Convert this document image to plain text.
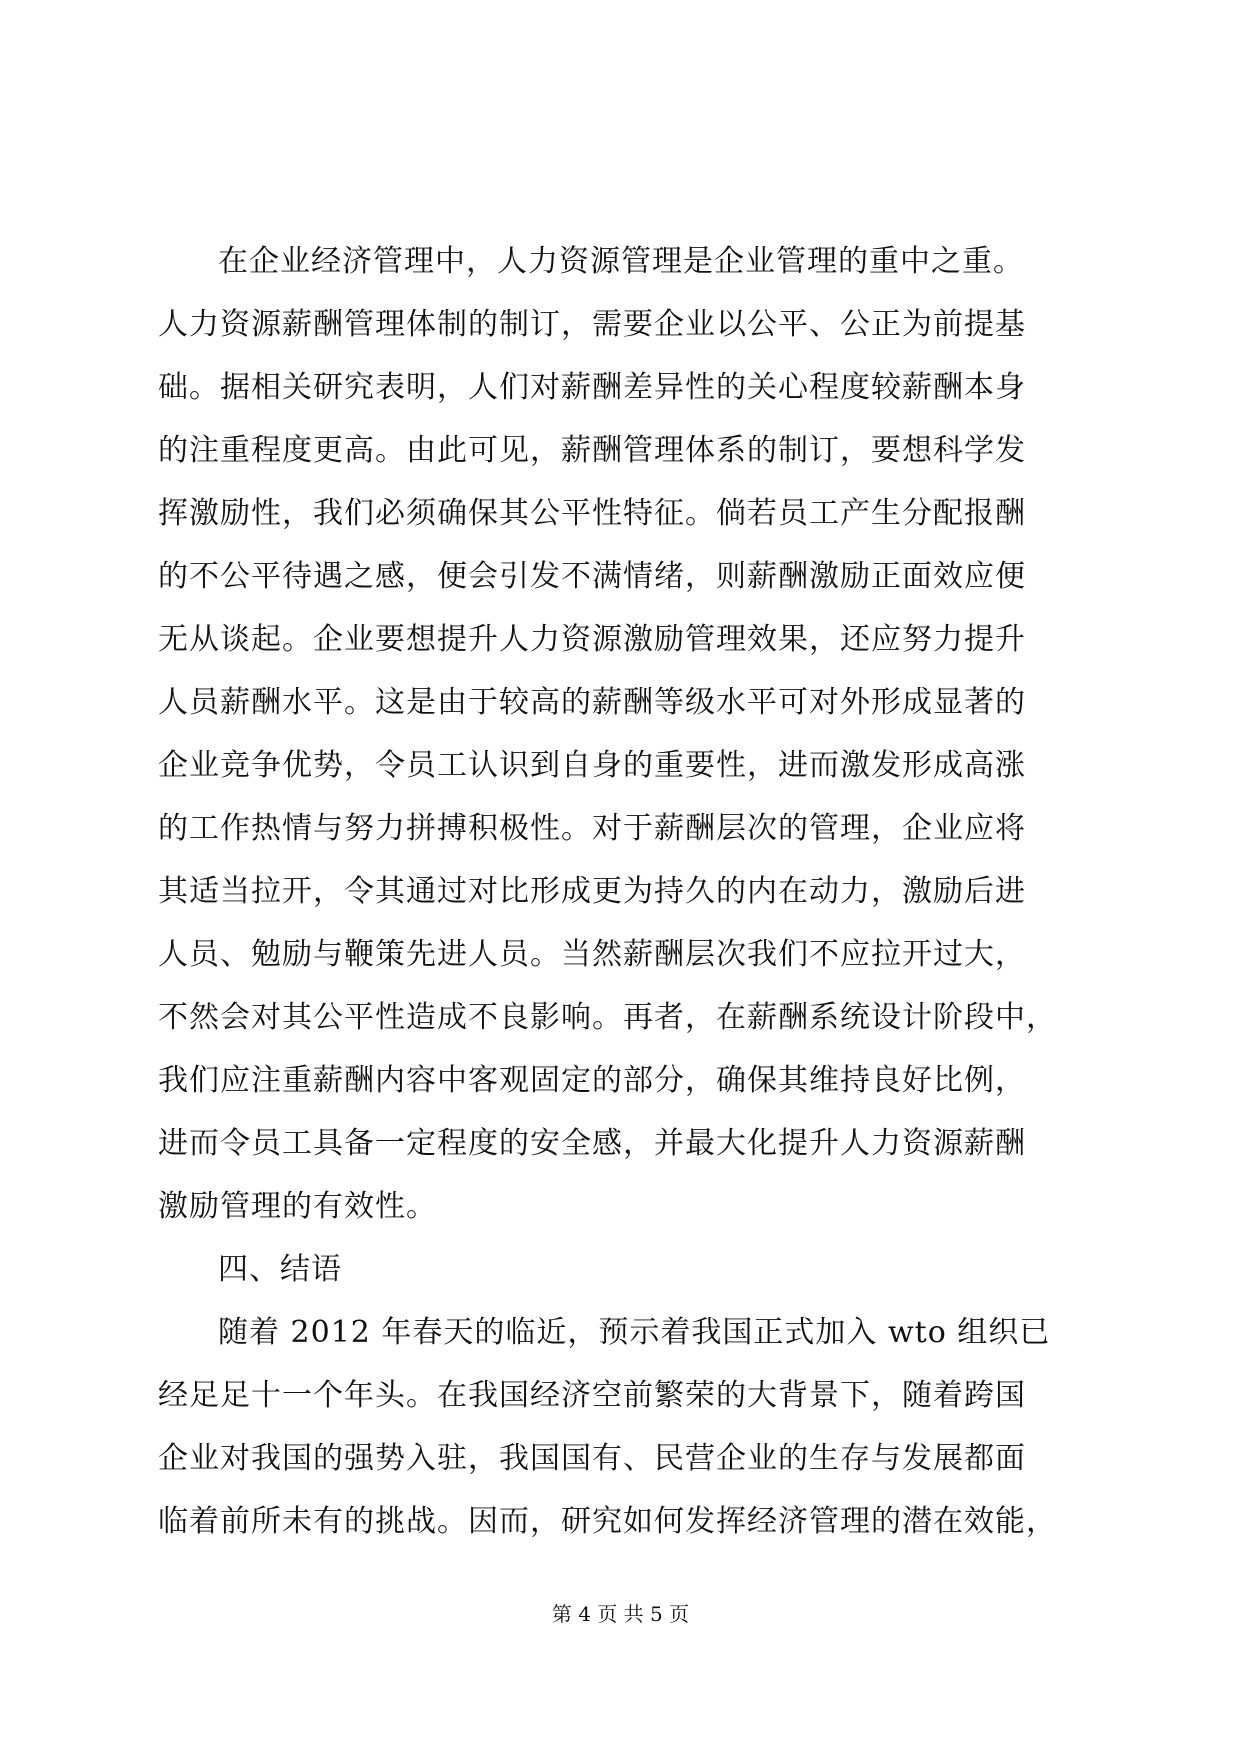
在企业经济管理中，人力资源管理是企业管理的重中之重。
人力资源薪酬管理体制的制订，需要企业以公平、公正为前提基
础。据相关研究表明，人们对薪酬差异性的关心程度较薪酬本身
的注重程度更高。由此可见，薪酬管理体系的制订，要想科学发
挥激励性，我们必须确保其公平性特征。倘若员工产生分配报酬
的不公平待遇之感，便会引发不满情绪，则薪酬激励正面效应便
无从谈起。企业要想提升人力资源激励管理效果，还应努力提升
人员薪酬水平。这是由于较高的薪酬等级水平可对外形成显著的
企业竞争优势，令员工认识到自身的重要性，进而激发形成高涨
的工作热情与努力拼搏积极性。对于薪酬层次的管理，企业应将
其适当拉开，令其通过对比形成更为持久的内在动力，激励后进
人员、勉励与鞭策先进人员。当然薪酬层次我们不应拉开过大，
不然会对其公平性造成不良影响。再者，在薪酬系统设计阶段中，
我们应注重薪酬内容中客观固定的部分，确保其维持良好比例，
进而令员工具备一定程度的安全感，并最大化提升人力资源薪酬
激励管理的有效性。
四、结语
随着 2012 年春天的临近，预示着我国正式加入 wto 组织已
经足足十一个年头。在我国经济空前繁荣的大背景下，随着跨国
企业对我国的强势入驻，我国国有、民营企业的生存与发展都面
临着前所未有的挑战。因而，研究如何发挥经济管理的潜在效能，
第 4 页 共 5 页
